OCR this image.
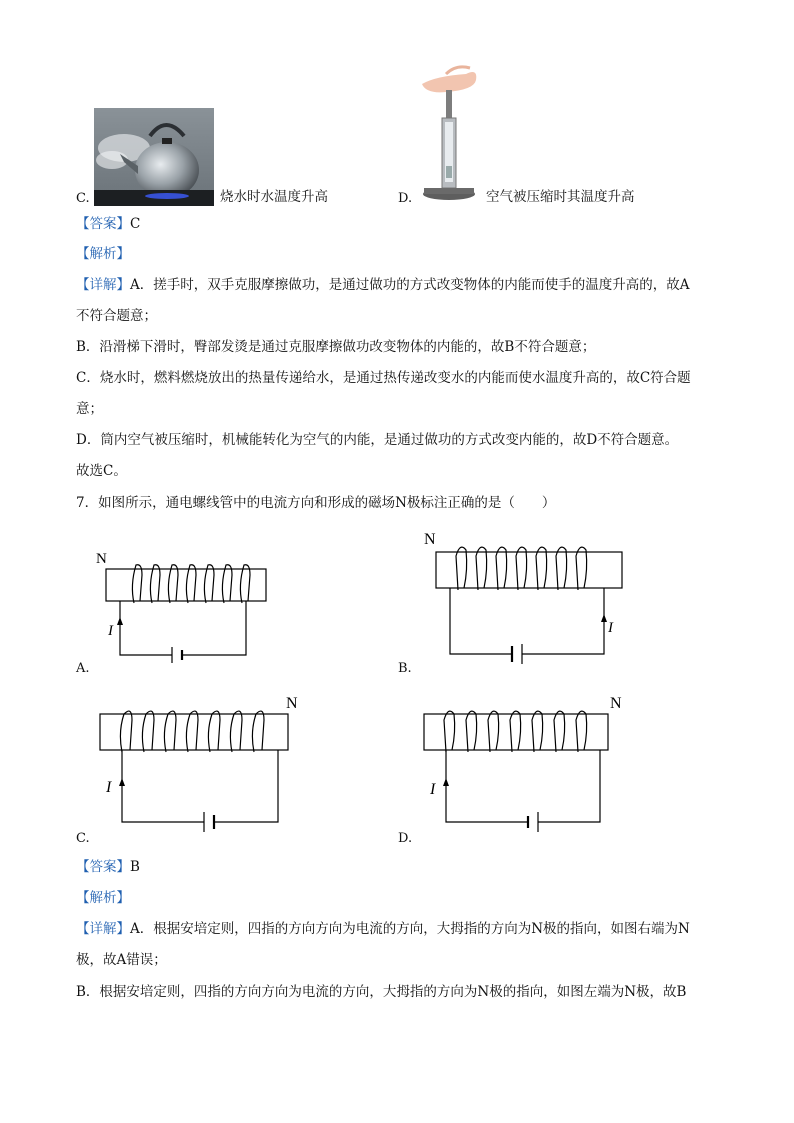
C.	烧水时水温度升高	D.	空气被压缩时其温度升高
【答案】C
【解析】
【详解】A．搓手时，双手克服摩擦做功，是通过做功的方式改变物体的内能而使手的温度升高的，故A
不符合题意；
B．沿滑梯下滑时，臀部发烫是通过克服摩擦做功改变物体的内能的，故B不符合题意；
C．烧水时，燃料燃烧放出的热量传递给水，是通过热传递改变水的内能而使水温度升高的，故C符合题
意；
D．筒内空气被压缩时，机械能转化为空气的内能，是通过做功的方式改变内能的，故D不符合题意。
故选C。
7．如图所示，通电螺线管中的电流方向和形成的磁场N极标注正确的是（　　）
N
I
A.
N
I
B.
N
I
C.
N
I
D.
【答案】B
【解析】
【详解】A．根据安培定则，四指的方向方向为电流的方向，大拇指的方向为N极的指向，如图右端为N
极，故A错误；
B．根据安培定则，四指的方向方向为电流的方向，大拇指的方向为N极的指向，如图左端为N极，故B
